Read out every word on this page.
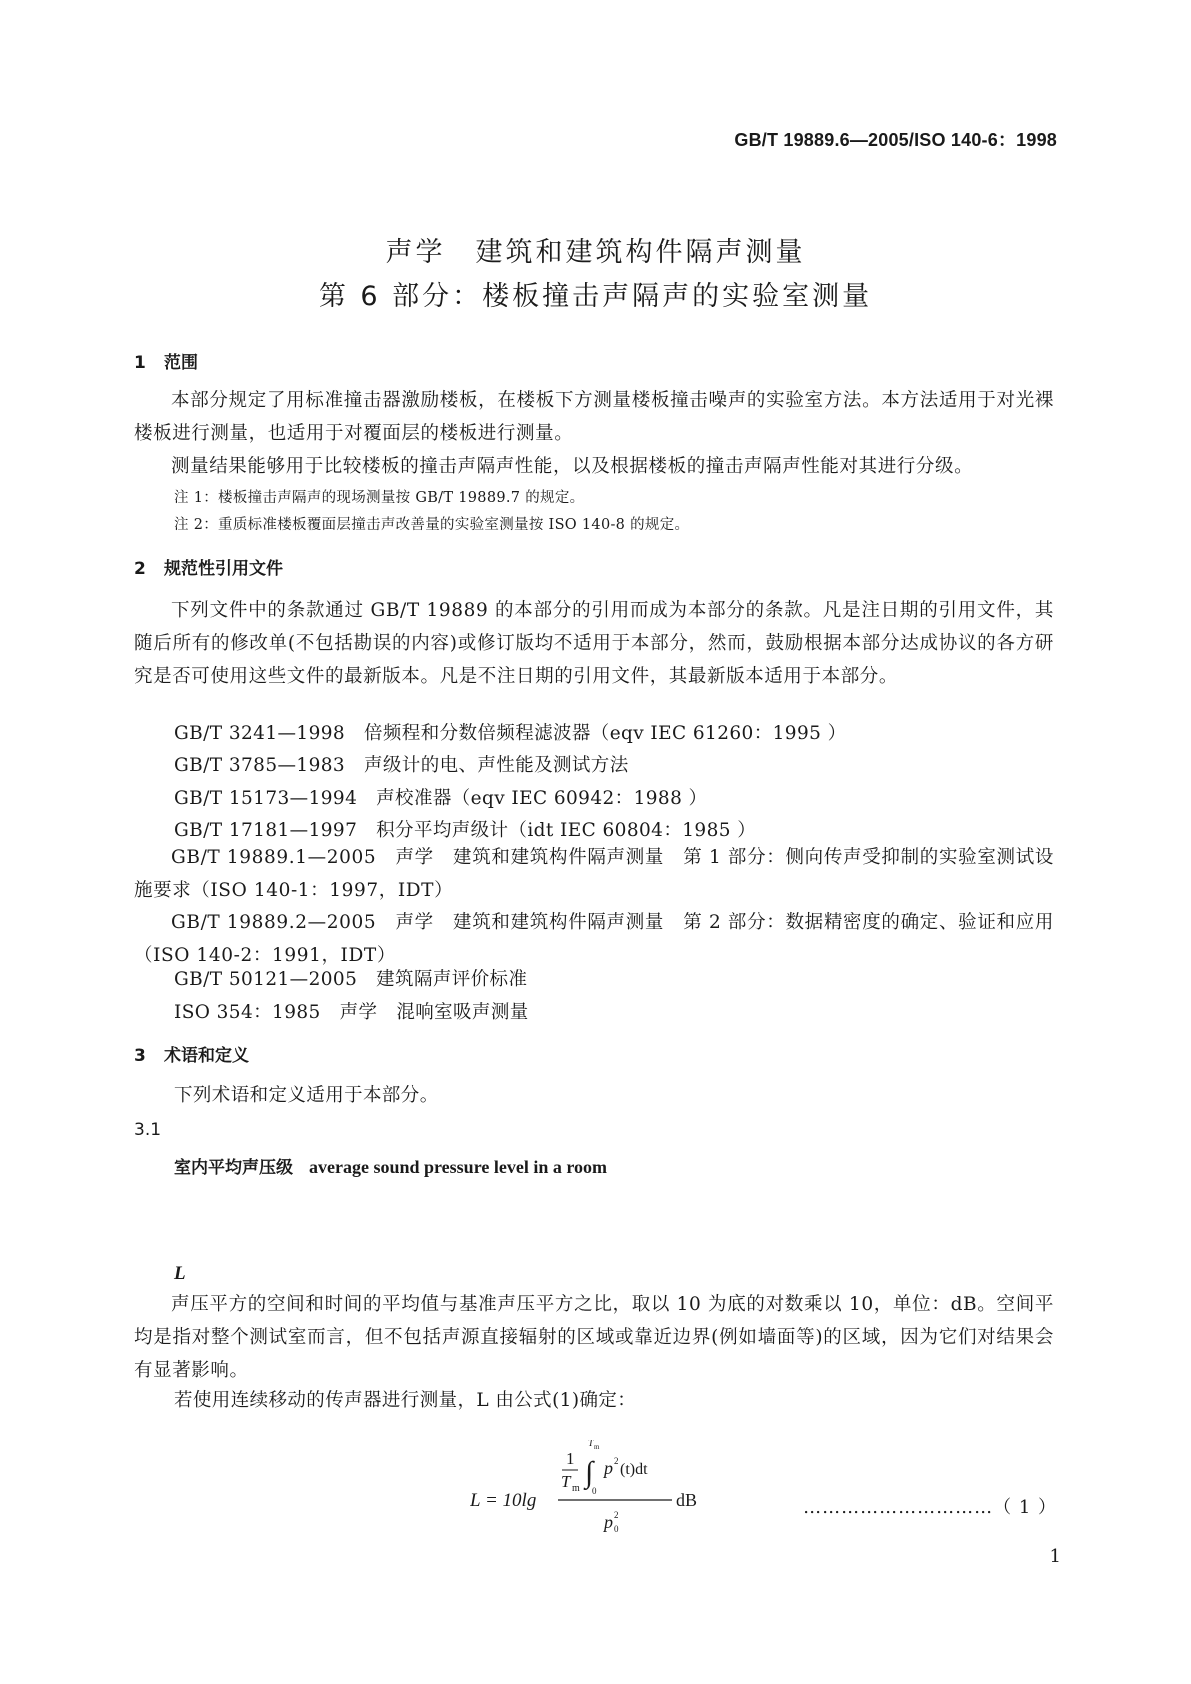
GB/T 19889.6—2005/ISO 140-6：1998
声学　建筑和建筑构件隔声测量
第 6 部分：楼板撞击声隔声的实验室测量
1 范围
本部分规定了用标准撞击器激励楼板，在楼板下方测量楼板撞击噪声的实验室方法。本方法适用于对光裸楼板进行测量，也适用于对覆面层的楼板进行测量。
测量结果能够用于比较楼板的撞击声隔声性能，以及根据楼板的撞击声隔声性能对其进行分级。
注 1：楼板撞击声隔声的现场测量按 GB/T 19889.7 的规定。
注 2：重质标准楼板覆面层撞击声改善量的实验室测量按 ISO 140-8 的规定。
2 规范性引用文件
下列文件中的条款通过 GB/T 19889 的本部分的引用而成为本部分的条款。凡是注日期的引用文件，其随后所有的修改单(不包括勘误的内容)或修订版均不适用于本部分，然而，鼓励根据本部分达成协议的各方研究是否可使用这些文件的最新版本。凡是不注日期的引用文件，其最新版本适用于本部分。
GB/T 3241—1998　倍频程和分数倍频程滤波器（eqv IEC 61260：1995 ）
GB/T 3785—1983　声级计的电、声性能及测试方法
GB/T 15173—1994　声校准器（eqv IEC 60942：1988 ）
GB/T 17181—1997　积分平均声级计（idt IEC 60804：1985 ）
GB/T 19889.1—2005　声学　建筑和建筑构件隔声测量　第 1 部分：侧向传声受抑制的实验室测试设施要求（ISO 140-1：1997，IDT）
GB/T 19889.2—2005　声学　建筑和建筑构件隔声测量　第 2 部分：数据精密度的确定、验证和应用（ISO 140-2：1991，IDT）
GB/T 50121—2005　建筑隔声评价标准
ISO 354：1985　声学　混响室吸声测量
3 术语和定义
下列术语和定义适用于本部分。
3.1
室内平均声压级 average sound pressure level in a room
L
声压平方的空间和时间的平均值与基准声压平方之比，取以 10 为底的对数乘以 10，单位：dB。空间平均是指对整个测试室而言，但不包括声源直接辐射的区域或靠近边界(例如墙面等)的区域，因为它们对结果会有显著影响。
若使用连续移动的传声器进行测量，L 由公式(1)确定：
L = 10lg
1
T m
T m
∫
0
p 2 (t)dt
p 2
0
dB	…………………………（ 1 ）
1
